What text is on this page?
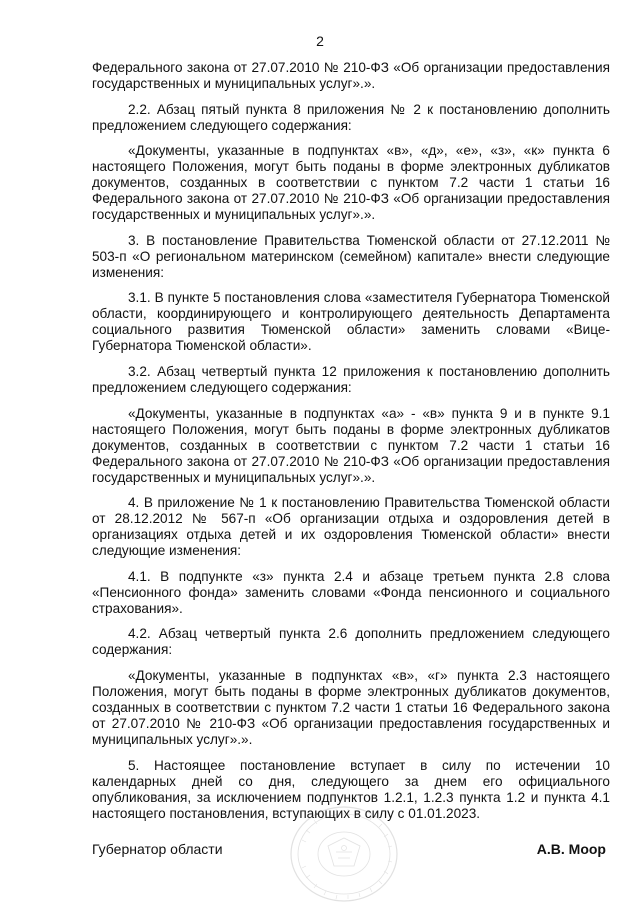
2

Федерального закона от 27.07.2010 № 210-ФЗ «Об организации предоставления государственных и муниципальных услуг».».

2.2. Абзац пятый пункта 8 приложения № 2 к постановлению дополнить предложением следующего содержания:

«Документы, указанные в подпунктах «в», «д», «е», «з», «к» пункта 6 настоящего Положения, могут быть поданы в форме электронных дубликатов документов, созданных в соответствии с пунктом 7.2 части 1 статьи 16 Федерального закона от 27.07.2010 № 210-ФЗ «Об организации предоставления государственных и муниципальных услуг».».

3. В постановление Правительства Тюменской области от 27.12.2011 № 503-п «О региональном материнском (семейном) капитале» внести следующие изменения:

3.1. В пункте 5 постановления слова «заместителя Губернатора Тюменской области, координирующего и контролирующего деятельность Департамента социального развития Тюменской области» заменить словами «Вице-Губернатора Тюменской области».

3.2. Абзац четвертый пункта 12 приложения к постановлению дополнить предложением следующего содержания:

«Документы, указанные в подпунктах «а» - «в» пункта 9 и в пункте 9.1 настоящего Положения, могут быть поданы в форме электронных дубликатов документов, созданных в соответствии с пунктом 7.2 части 1 статьи 16 Федерального закона от 27.07.2010 № 210-ФЗ «Об организации предоставления государственных и муниципальных услуг».».

4. В приложение № 1 к постановлению Правительства Тюменской области от 28.12.2012 № 567-п «Об организации отдыха и оздоровления детей в организациях отдыха детей и их оздоровления Тюменской области» внести следующие изменения:

4.1. В подпункте «з» пункта 2.4 и абзаце третьем пункта 2.8 слова «Пенсионного фонда» заменить словами «Фонда пенсионного и социального страхования».

4.2. Абзац четвертый пункта 2.6 дополнить предложением следующего содержания:

«Документы, указанные в подпунктах «в», «г» пункта 2.3 настоящего Положения, могут быть поданы в форме электронных дубликатов документов, созданных в соответствии с пунктом 7.2 части 1 статьи 16 Федерального закона от 27.07.2010 № 210-ФЗ «Об организации предоставления государственных и муниципальных услуг».».

5. Настоящее постановление вступает в силу по истечении 10 календарных дней со дня, следующего за днем его официального опубликования, за исключением подпунктов 1.2.1, 1.2.3 пункта 1.2 и пункта 4.1 настоящего постановления, вступающих в силу с 01.01.2023.

Губернатор области	А.В. Моор
